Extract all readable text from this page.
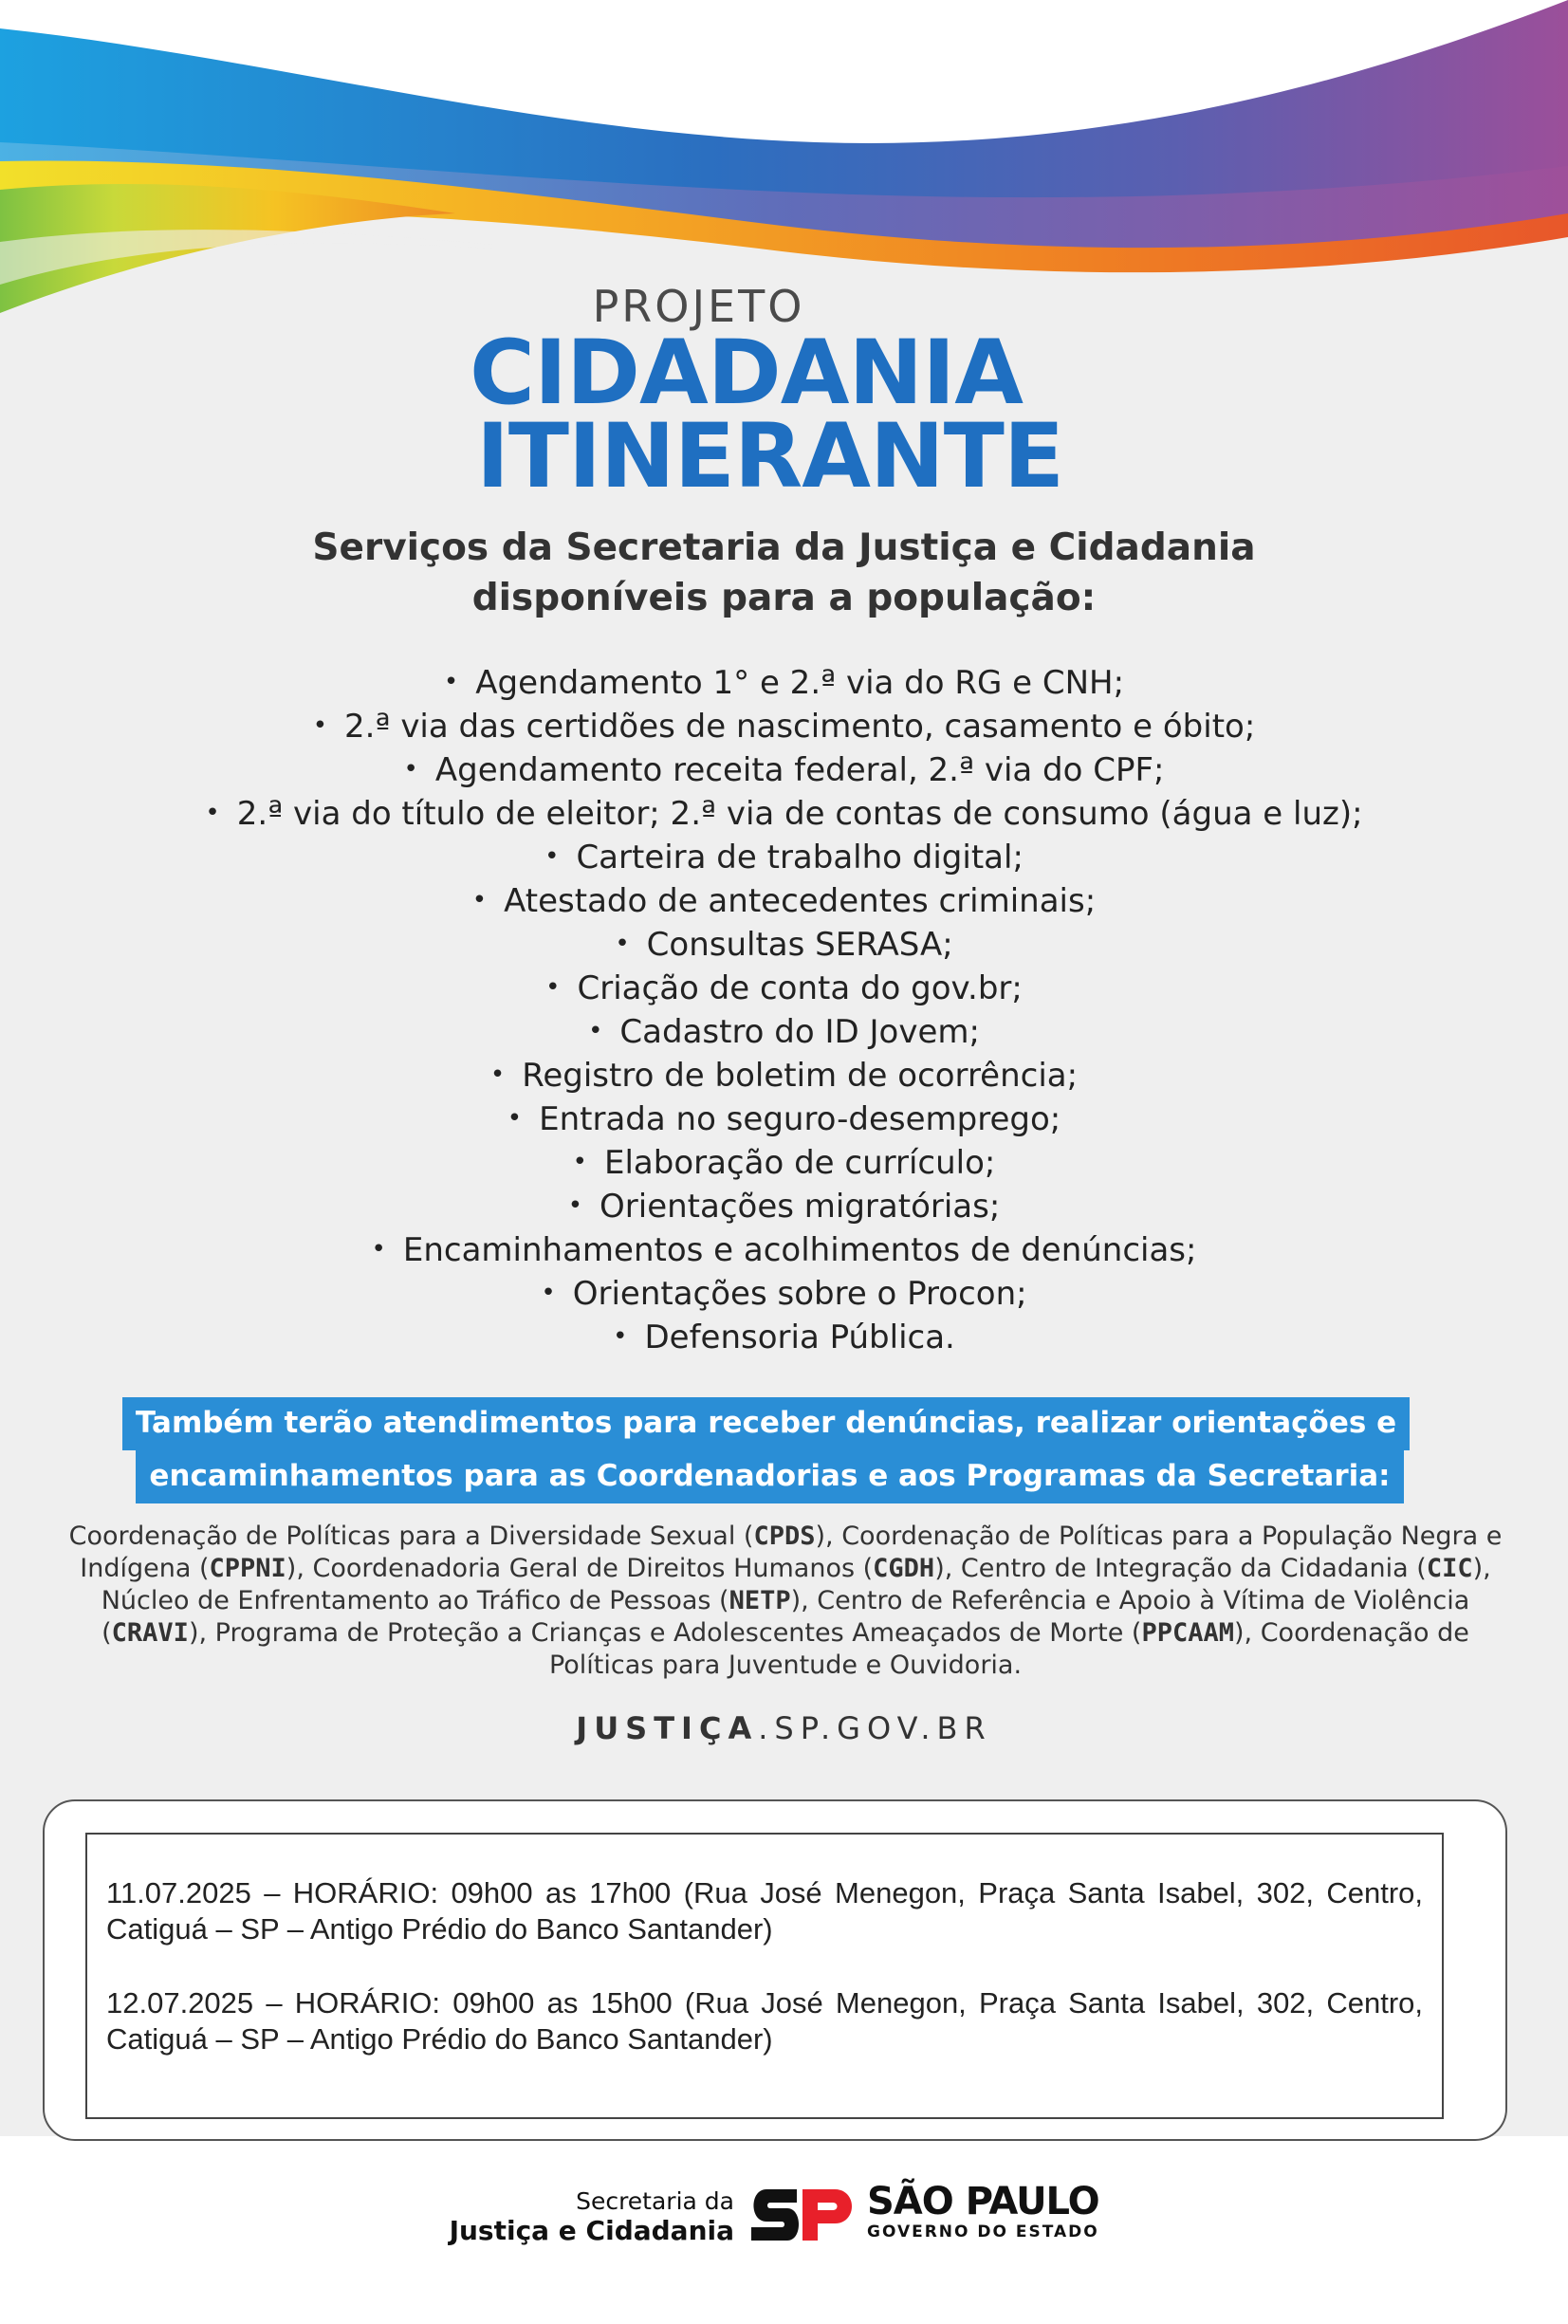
PROJETO
CIDADANIA
ITINERANTE
Serviços da Secretaria da Justiça e Cidadania
disponíveis para a população:
• Agendamento 1° e 2.ª via do RG e CNH;
• 2.ª via das certidões de nascimento, casamento e óbito;
• Agendamento receita federal, 2.ª via do CPF;
• 2.ª via do título de eleitor; 2.ª via de contas de consumo (água e luz);
• Carteira de trabalho digital;
• Atestado de antecedentes criminais;
• Consultas SERASA;
• Criação de conta do gov.br;
• Cadastro do ID Jovem;
• Registro de boletim de ocorrência;
• Entrada no seguro-desemprego;
• Elaboração de currículo;
• Orientações migratórias;
• Encaminhamentos e acolhimentos de denúncias;
• Orientações sobre o Procon;
• Defensoria Pública.
Também terão atendimentos para receber denúncias, realizar orientações e
encaminhamentos para as Coordenadorias e aos Programas da Secretaria:
Coordenação de Políticas para a Diversidade Sexual (CPDS), Coordenação de Políticas para a População Negra e Indígena (CPPNI), Coordenadoria Geral de Direitos Humanos (CGDH), Centro de Integração da Cidadania (CIC), Núcleo de Enfrentamento ao Tráfico de Pessoas (NETP), Centro de Referência e Apoio à Vítima de Violência (CRAVI), Programa de Proteção a Crianças e Adolescentes Ameaçados de Morte (PPCAAM), Coordenação de Políticas para Juventude e Ouvidoria.
JUSTIÇA.SP.GOV.BR
11.07.2025 – HORÁRIO: 09h00 as 17h00 (Rua José Menegon, Praça Santa Isabel, 302, Centro, Catiguá – SP – Antigo Prédio do Banco Santander)
12.07.2025 – HORÁRIO: 09h00 as 15h00 (Rua José Menegon, Praça Santa Isabel, 302, Centro, Catiguá – SP – Antigo Prédio do Banco Santander)
Secretaria da
Justiça e Cidadania
SÃO PAULO
GOVERNO DO ESTADO
